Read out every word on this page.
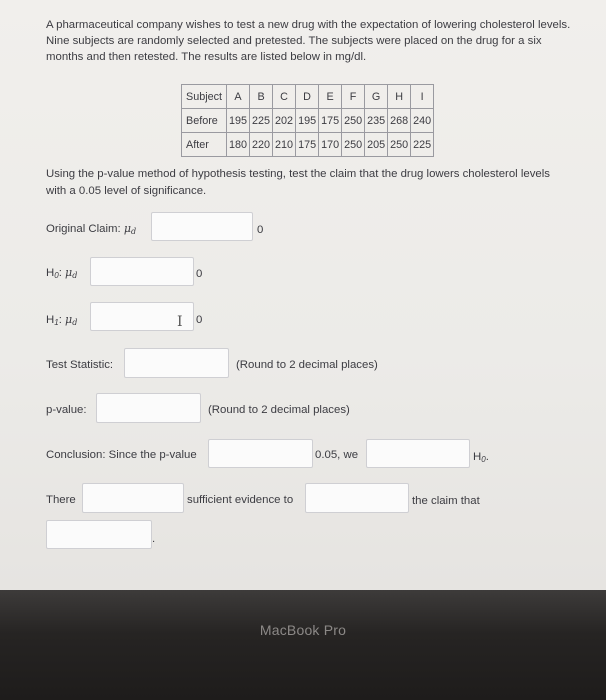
A pharmaceutical company wishes to test a new drug with the expectation of lowering cholesterol levels. Nine subjects are randomly selected and pretested. The subjects were placed on the drug for a six months and then retested. The results are listed below in mg/dl.
Subject	A	B	C	D	E	F	G	H	I
Before	195	225	202	195	175	250	235	268	240
After	180	220	210	175	170	250	205	250	225
Using the p-value method of hypothesis testing, test the claim that the drug lowers cholesterol levels with a 0.05 level of significance.
Original Claim: μd	0
H0: μd	0
H1: μd	I 0
Test Statistic:	(Round to 2 decimal places)
p-value:	(Round to 2 decimal places)
Conclusion: Since the p-value	0.05, we	H0.
There	sufficient evidence to	the claim that
.
MacBook Pro
